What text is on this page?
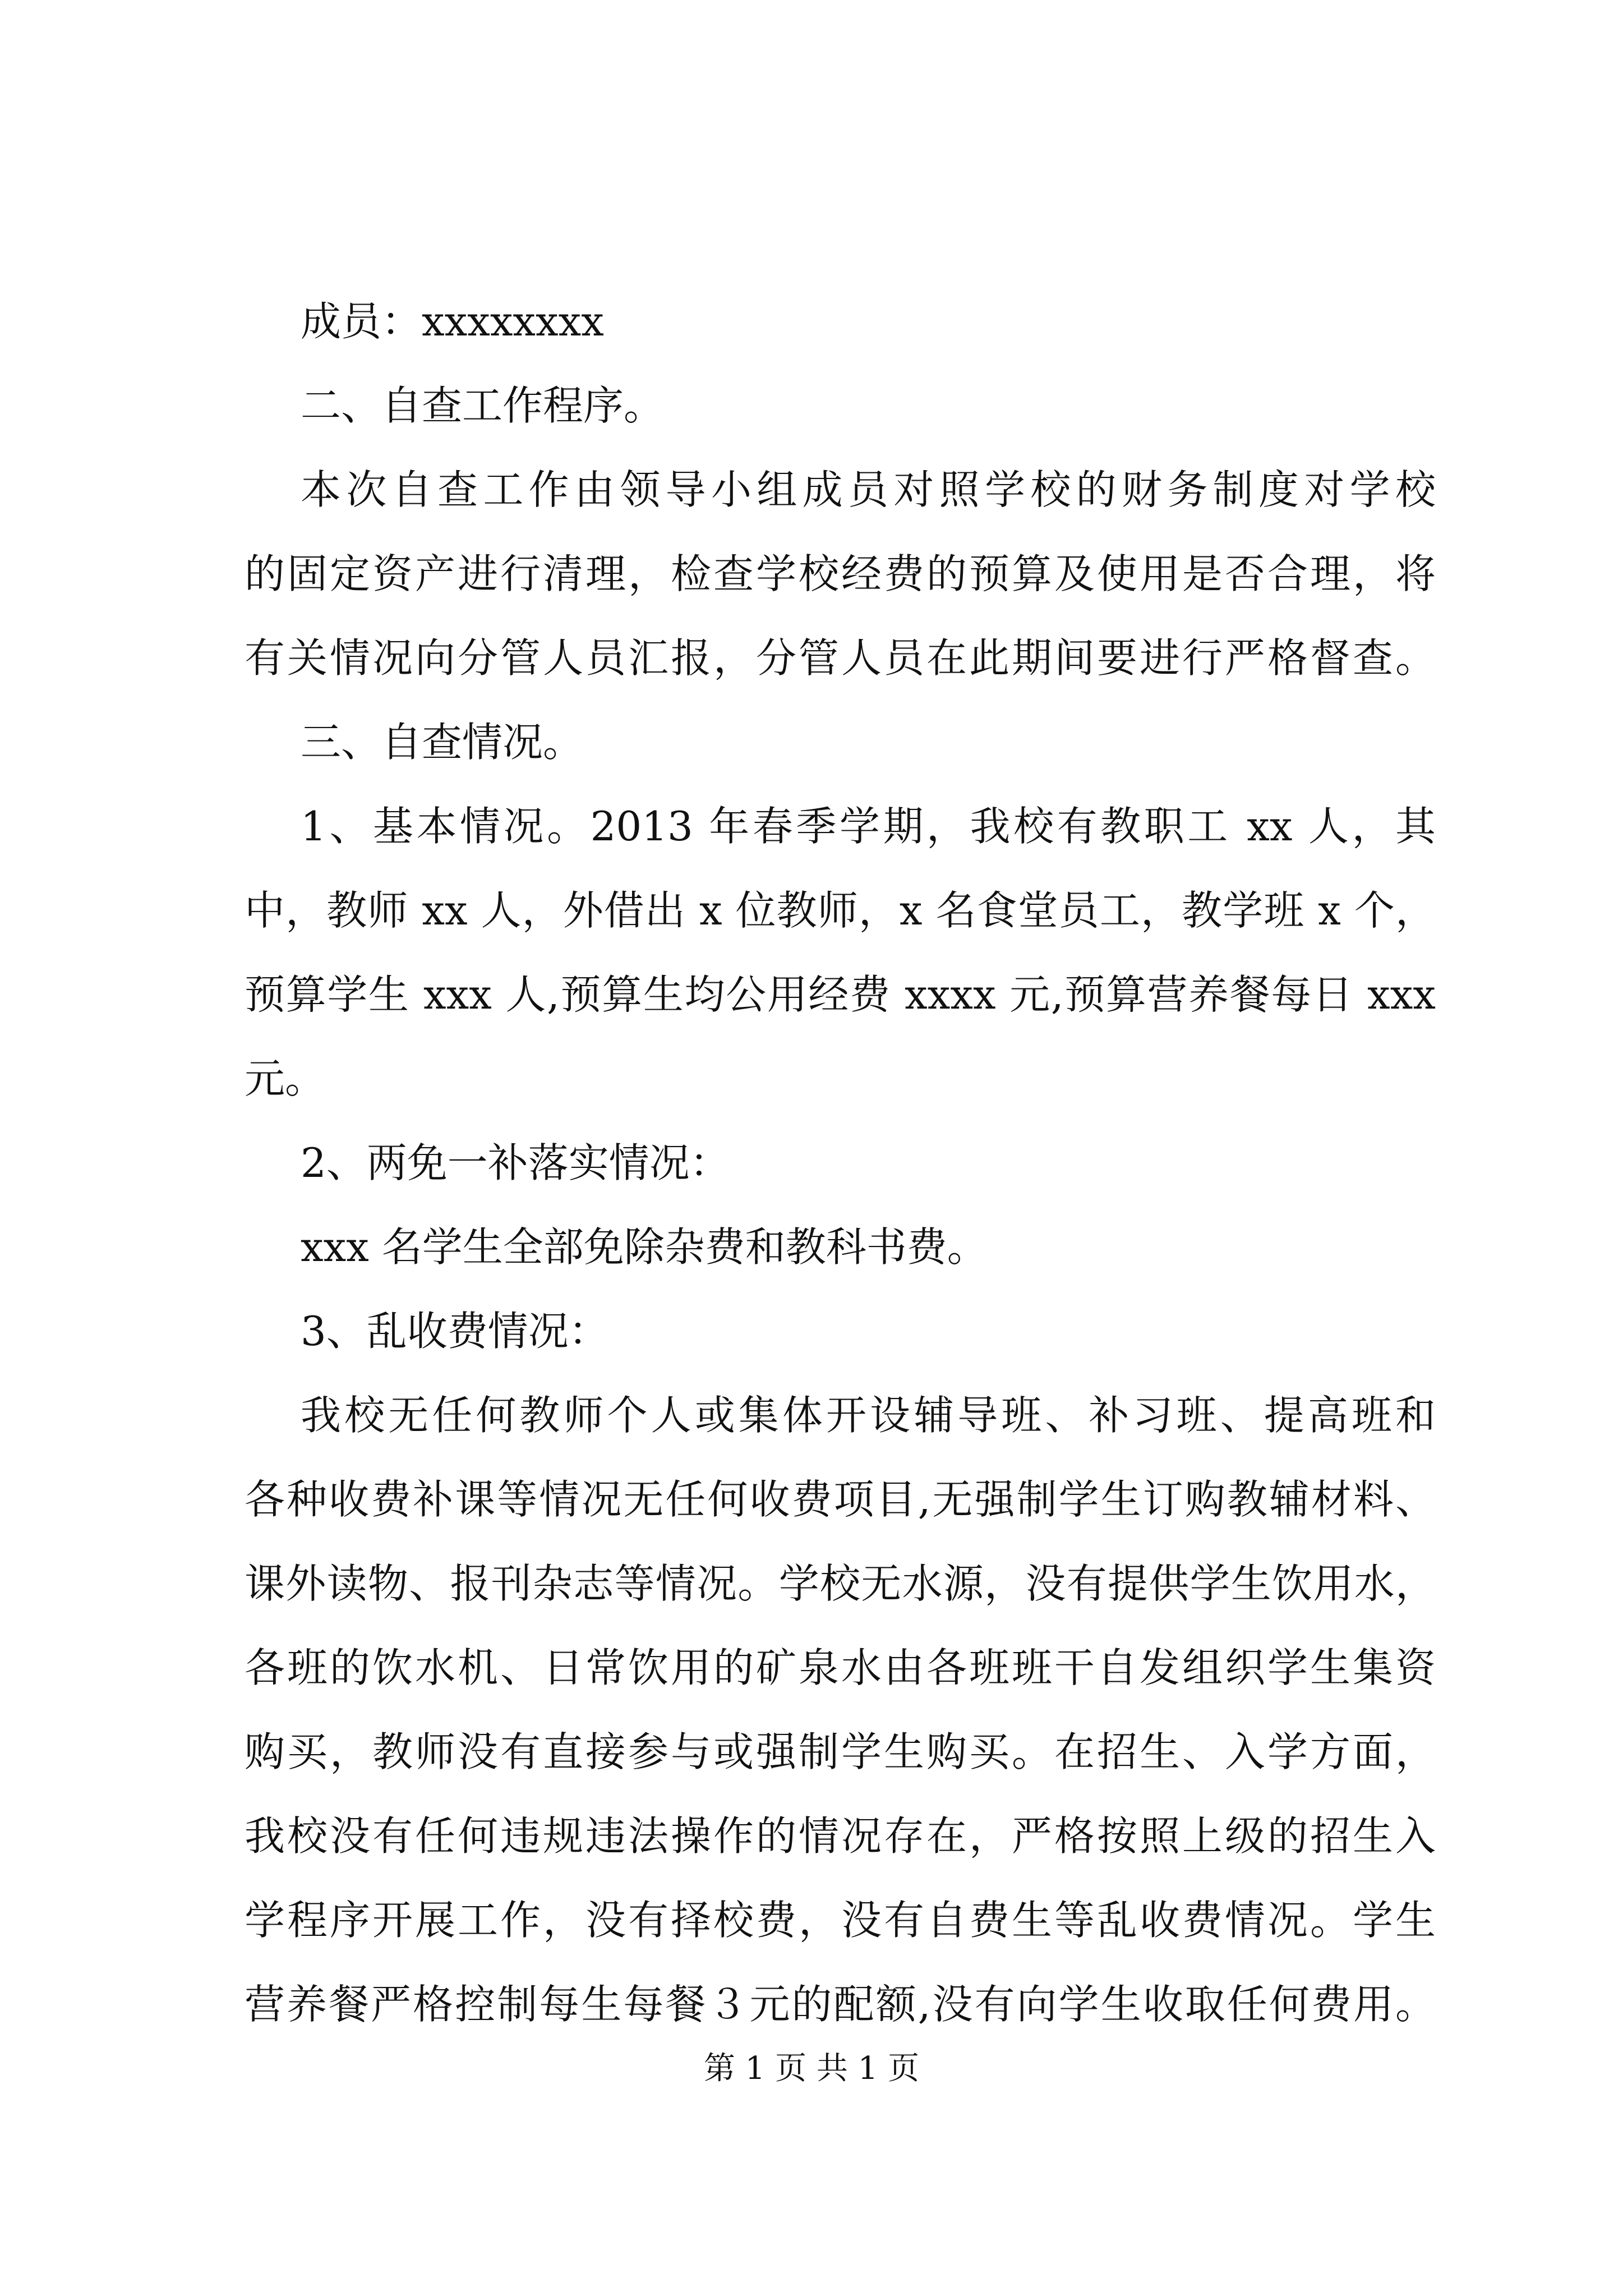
成员：xxxxxxxx
二、自查工作程序。
本次自查工作由领导小组成员对照学校的财务制度对学校
的固定资产进行清理，检查学校经费的预算及使用是否合理，将
有关情况向分管人员汇报，分管人员在此期间要进行严格督查。
三、自查情况。
1、基本情况。2013 年春季学期，我校有教职工 xx 人，其
中，教师 xx 人，外借出 x 位教师，x 名食堂员工，教学班 x 个，
预算学生 xxx 人,预算生均公用经费 xxxx 元,预算营养餐每日 xxx
元。
2、两免一补落实情况：
xxx 名学生全部免除杂费和教科书费。
3、乱收费情况：
我校无任何教师个人或集体开设辅导班、补习班、提高班和
各种收费补课等情况无任何收费项目,无强制学生订购教辅材料、
课外读物、报刊杂志等情况。学校无水源，没有提供学生饮用水，
各班的饮水机、日常饮用的矿泉水由各班班干自发组织学生集资
购买，教师没有直接参与或强制学生购买。在招生、入学方面，
我校没有任何违规违法操作的情况存在，严格按照上级的招生入
学程序开展工作，没有择校费，没有自费生等乱收费情况。学生
营养餐严格控制每生每餐３元的配额,没有向学生收取任何费用。
第 1 页 共 1 页
